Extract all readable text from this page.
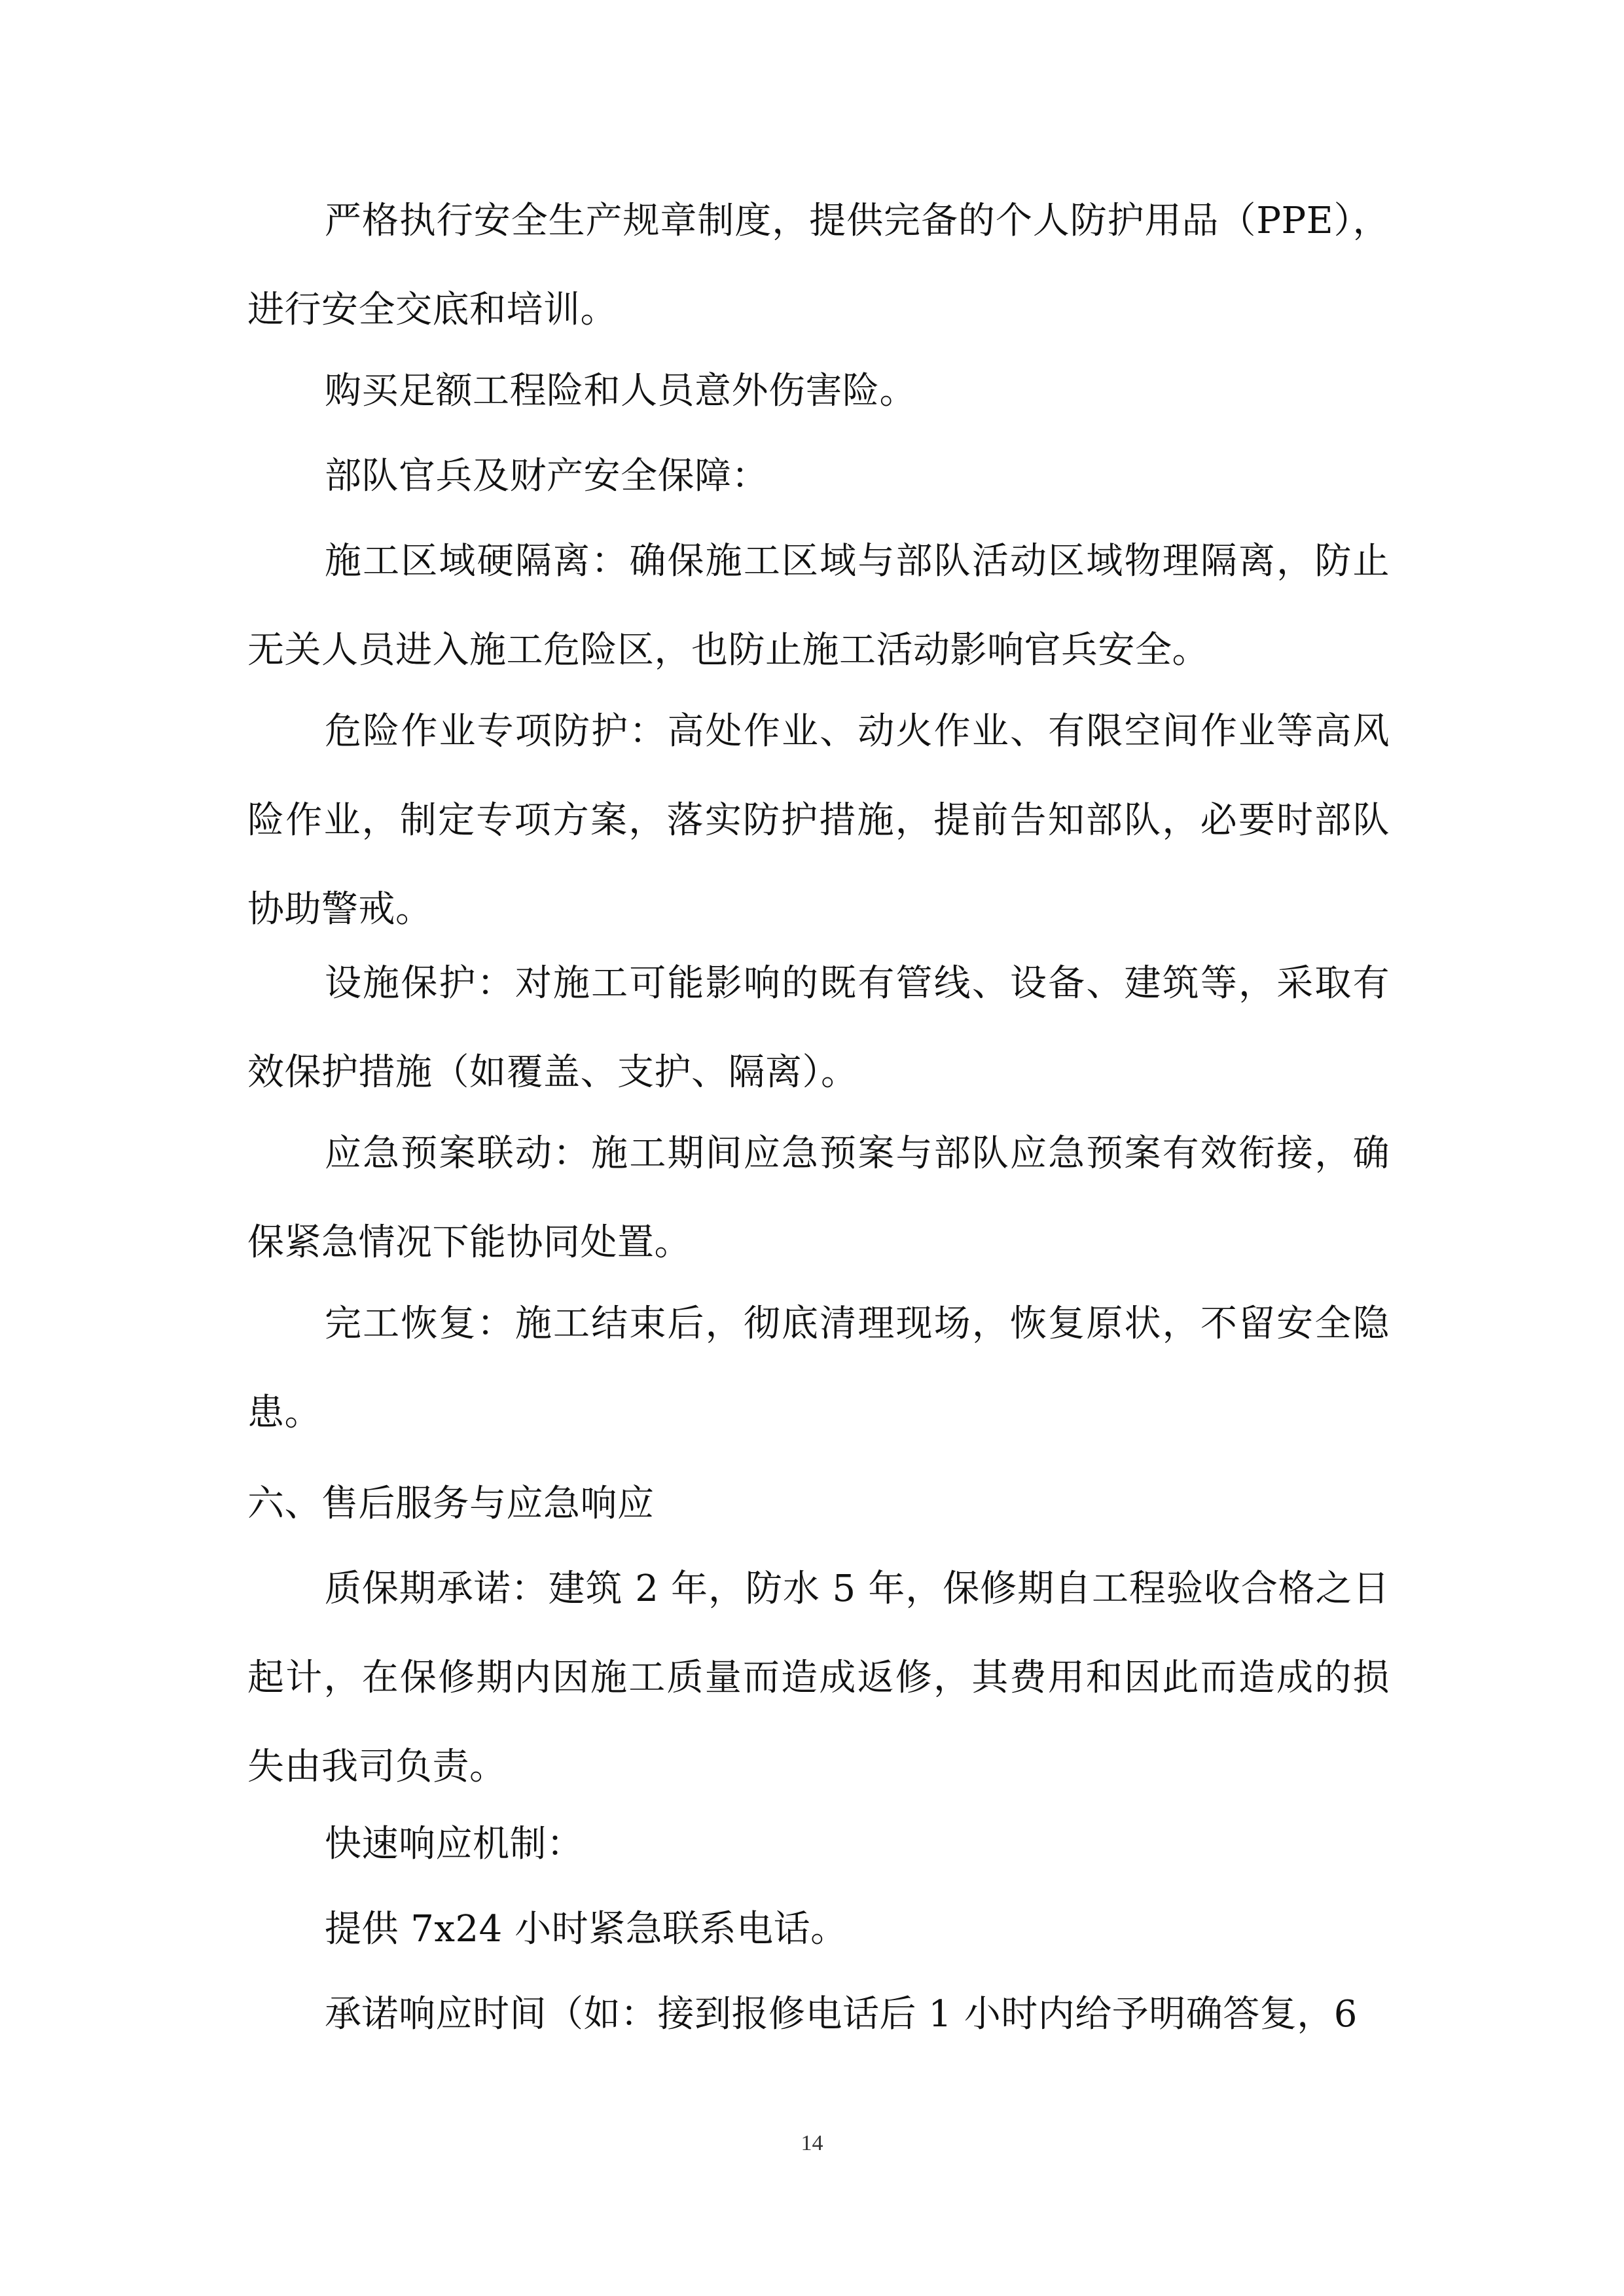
严格执行安全生产规章制度，提供完备的个人防护用品（PPE），进行安全交底和培训。

购买足额工程险和人员意外伤害险。

部队官兵及财产安全保障：

施工区域硬隔离：确保施工区域与部队活动区域物理隔离，防止无关人员进入施工危险区，也防止施工活动影响官兵安全。

危险作业专项防护：高处作业、动火作业、有限空间作业等高风险作业，制定专项方案，落实防护措施，提前告知部队，必要时部队协助警戒。

设施保护：对施工可能影响的既有管线、设备、建筑等，采取有效保护措施（如覆盖、支护、隔离）。

应急预案联动：施工期间应急预案与部队应急预案有效衔接，确保紧急情况下能协同处置。

完工恢复：施工结束后，彻底清理现场，恢复原状，不留安全隐患。

六、售后服务与应急响应

质保期承诺：建筑 2 年，防水 5 年，保修期自工程验收合格之日起计，在保修期内因施工质量而造成返修，其费用和因此而造成的损失由我司负责。

快速响应机制：

提供 7x24 小时紧急联系电话。

承诺响应时间（如：接到报修电话后 1 小时内给予明确答复，6

14
